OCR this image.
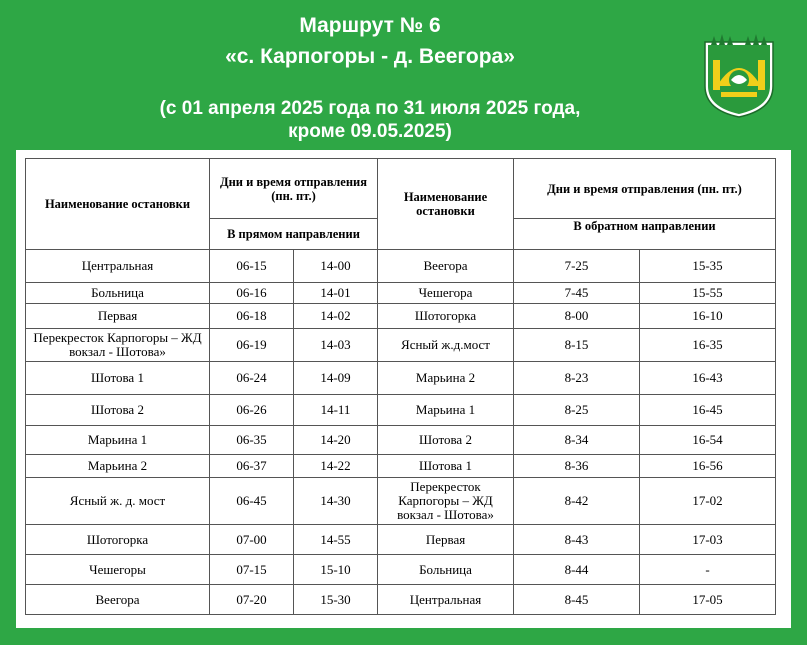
Маршрут № 6
«с. Карпогоры - д. Веегора»
(с 01 апреля 2025 года по 31 июля 2025 года,
кроме 09.05.2025)
Наименование остановки	Дни и время отправления (пн. пт.)		Наименование остановки	Дни и время отправления (пн. пт.)	
	В прямом направлении			В обратном направлении	
Центральная	06-15	14-00	Веегора	7-25	15-35
Больница	06-16	14-01	Чешегора	7-45	15-55
Первая	06-18	14-02	Шотогорка	8-00	16-10
Перекресток Карпогоры – ЖД вокзал - Шотова»	06-19	14-03	Ясный ж.д.мост	8-15	16-35
Шотова 1	06-24	14-09	Марьина 2	8-23	16-43
Шотова 2	06-26	14-11	Марьина 1	8-25	16-45
Марьина 1	06-35	14-20	Шотова 2	8-34	16-54
Марьина 2	06-37	14-22	Шотова 1	8-36	16-56
Ясный ж. д. мост	06-45	14-30	Перекресток Карпогоры – ЖД вокзал - Шотова»	8-42	17-02
Шотогорка	07-00	14-55	Первая	8-43	17-03
Чешегоры	07-15	15-10	Больница	8-44	-
Веегора	07-20	15-30	Центральная	8-45	17-05
